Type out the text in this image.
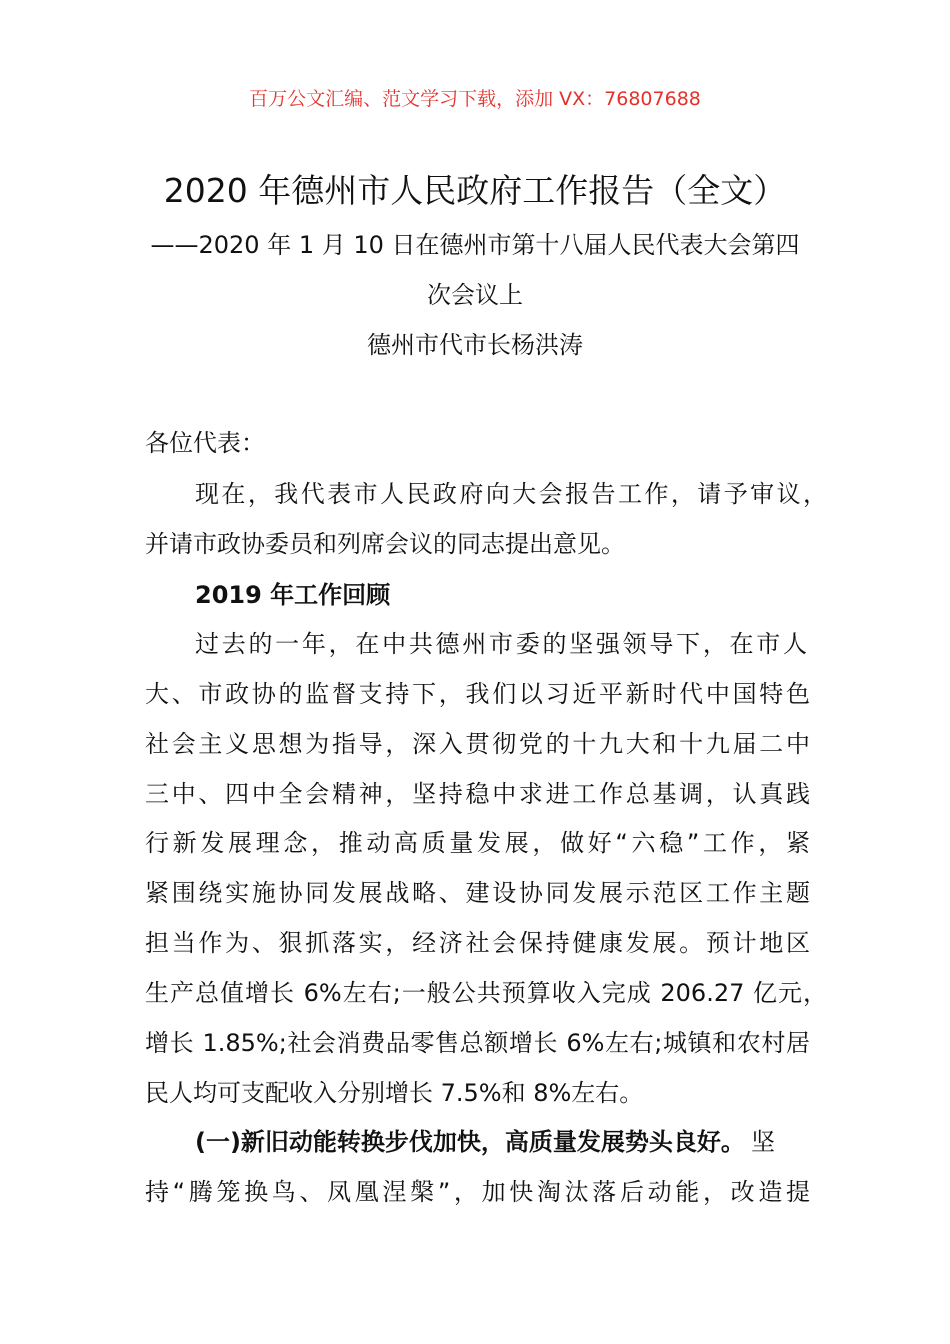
百万公文汇编、范文学习下载，添加 VX：76807688
2020 年德州市人民政府工作报告（全文）
——2020 年 1 月 10 日在德州市第十八届人民代表大会第四
次会议上
德州市代市长杨洪涛
各位代表：
现在，我代表市人民政府向大会报告工作，请予审议，
并请市政协委员和列席会议的同志提出意见。
2019 年工作回顾
过去的一年，在中共德州市委的坚强领导下，在市人
大、市政协的监督支持下，我们以习近平新时代中国特色
社会主义思想为指导，深入贯彻党的十九大和十九届二中
三中、四中全会精神，坚持稳中求进工作总基调，认真践
行新发展理念，推动高质量发展，做好“六稳”工作，紧
紧围绕实施协同发展战略、建设协同发展示范区工作主题
担当作为、狠抓落实，经济社会保持健康发展。预计地区
生产总值增长 6%左右;一般公共预算收入完成 206.27 亿元，
增长 1.85%;社会消费品零售总额增长 6%左右;城镇和农村居
民人均可支配收入分别增长 7.5%和 8%左右。
(一)新旧动能转换步伐加快，高质量发展势头良好。 坚
持“腾笼换鸟、凤凰涅槃”，加快淘汰落后动能，改造提
